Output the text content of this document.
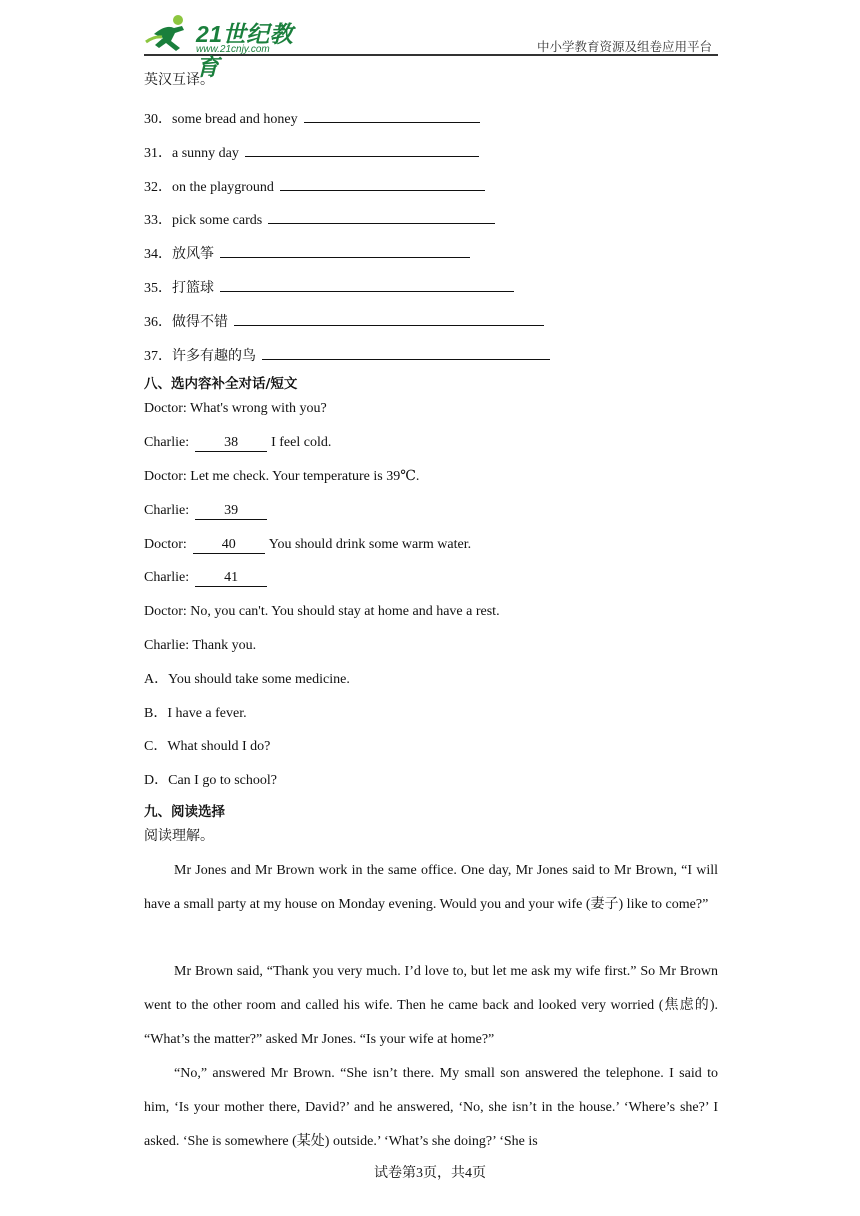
21世纪教育
www.21cnjy.com	中小学教育资源及组卷应用平台
英汉互译。
30．some bread and honey
31．a sunny day
32．on the playground
33．pick some cards
34．放风筝
35．打篮球
36．做得不错
37．许多有趣的鸟
八、选内容补全对话/短文
Doctor: What's wrong with you?
Charlie:	38 I feel cold.
Doctor: Let me check. Your temperature is 39℃.
Charlie:	39
Doctor:	40 You should drink some warm water.
Charlie:	41
Doctor: No, you can't. You should stay at home and have a rest.
Charlie: Thank you.
A．You should take some medicine.
B．I have a fever.
C．What should I do?
D．Can I go to school?
九、阅读选择
阅读理解。

Mr Jones and Mr Brown work in the same office. One day, Mr Jones said to Mr Brown, “I will have a small party at my house on Monday evening. Would you and your wife (妻子) like to come?”

Mr Brown said, “Thank you very much. I’d love to, but let me ask my wife first.” So Mr Brown went to the other room and called his wife. Then he came back and looked very worried (焦虑的). “What’s the matter?” asked Mr Jones. “Is your wife at home?”

“No,” answered Mr Brown. “She isn’t there. My small son answered the telephone. I said to him, ‘Is your mother there, David?’ and he answered, ‘No, she isn’t in the house.’ ‘Where’s she?’ I asked. ‘She is somewhere (某处) outside.’ ‘What’s she doing?’ ‘She is

试卷第3页，共4页
